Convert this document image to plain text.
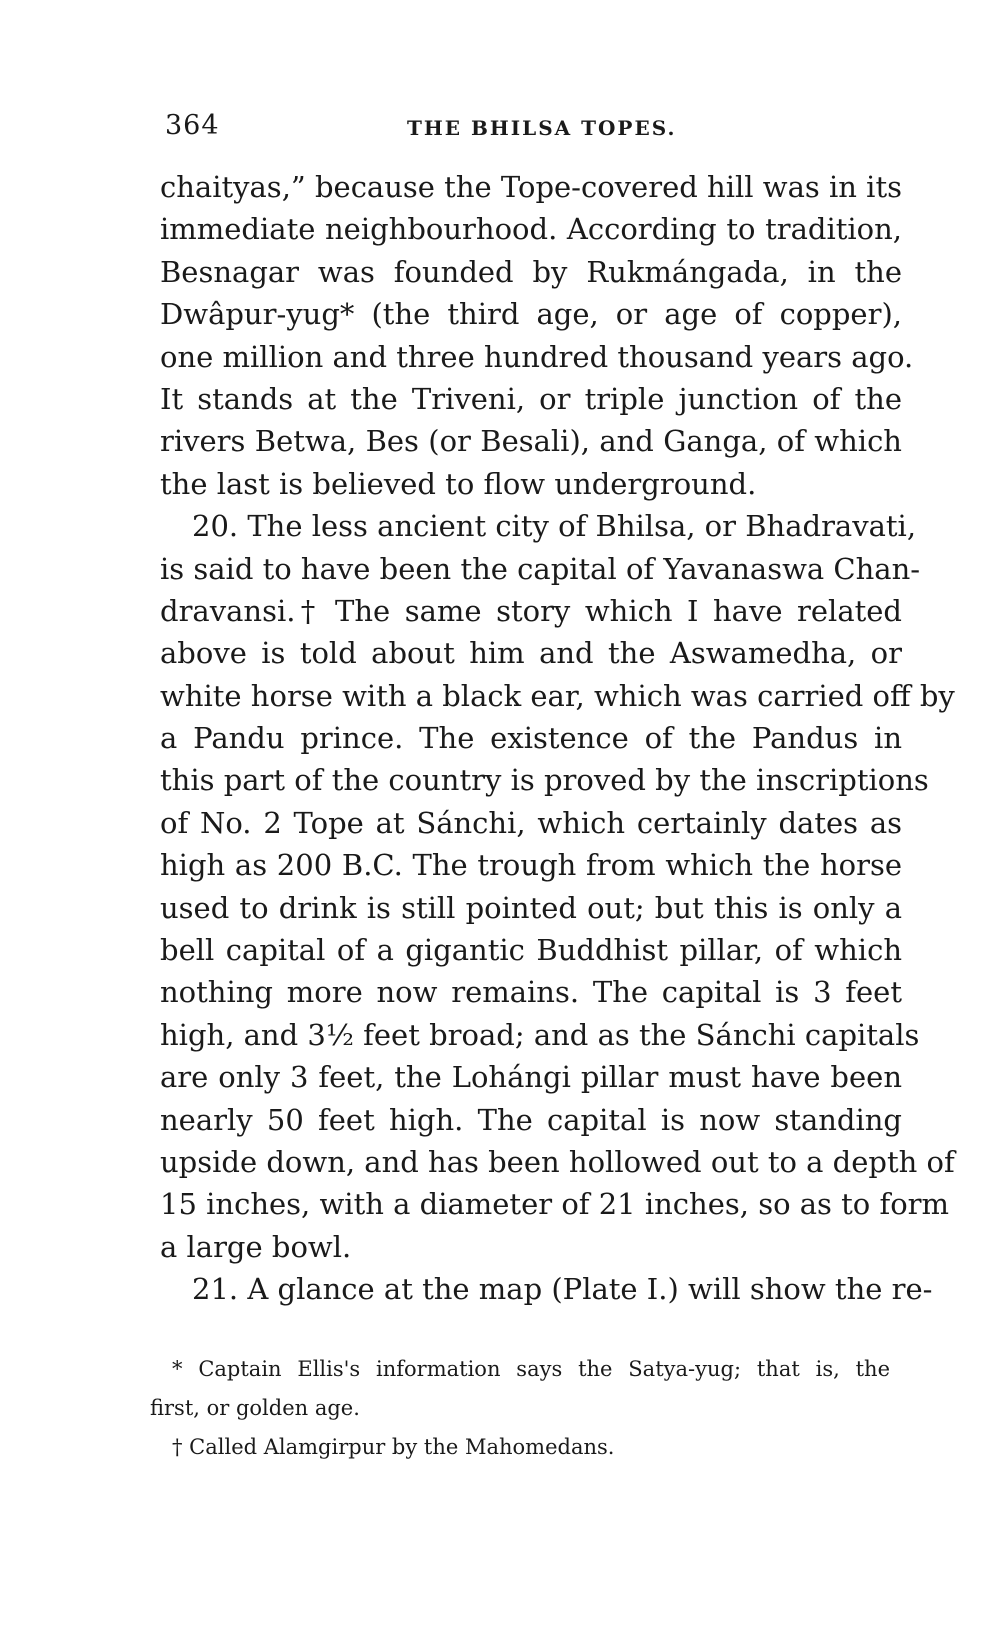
364	THE BHILSA TOPES.
chaityas,” because the Tope-covered hill was in its
immediate neighbourhood. According to tradition,
Besnagar was founded by Rukmángada, in the
Dwâpur-yug* (the third age, or age of copper),
one million and three hundred thousand years ago.
It stands at the Triveni, or triple junction of the
rivers Betwa, Bes (or Besali), and Ganga, of which
the last is believed to flow underground.
20. The less ancient city of Bhilsa, or Bhadravati,
is said to have been the capital of Yavanaswa Chan-
dravansi.† The same story which I have related
above is told about him and the Aswamedha, or
white horse with a black ear, which was carried off by
a Pandu prince. The existence of the Pandus in
this part of the country is proved by the inscriptions
of No. 2 Tope at Sánchi, which certainly dates as
high as 200 B.C. The trough from which the horse
used to drink is still pointed out; but this is only a
bell capital of a gigantic Buddhist pillar, of which
nothing more now remains. The capital is 3 feet
high, and 3½ feet broad; and as the Sánchi capitals
are only 3 feet, the Lohángi pillar must have been
nearly 50 feet high. The capital is now standing
upside down, and has been hollowed out to a depth of
15 inches, with a diameter of 21 inches, so as to form
a large bowl.
21. A glance at the map (Plate I.) will show the re-
* Captain Ellis's information says the Satya-yug; that is, the
first, or golden age.
† Called Alamgirpur by the Mahomedans.
